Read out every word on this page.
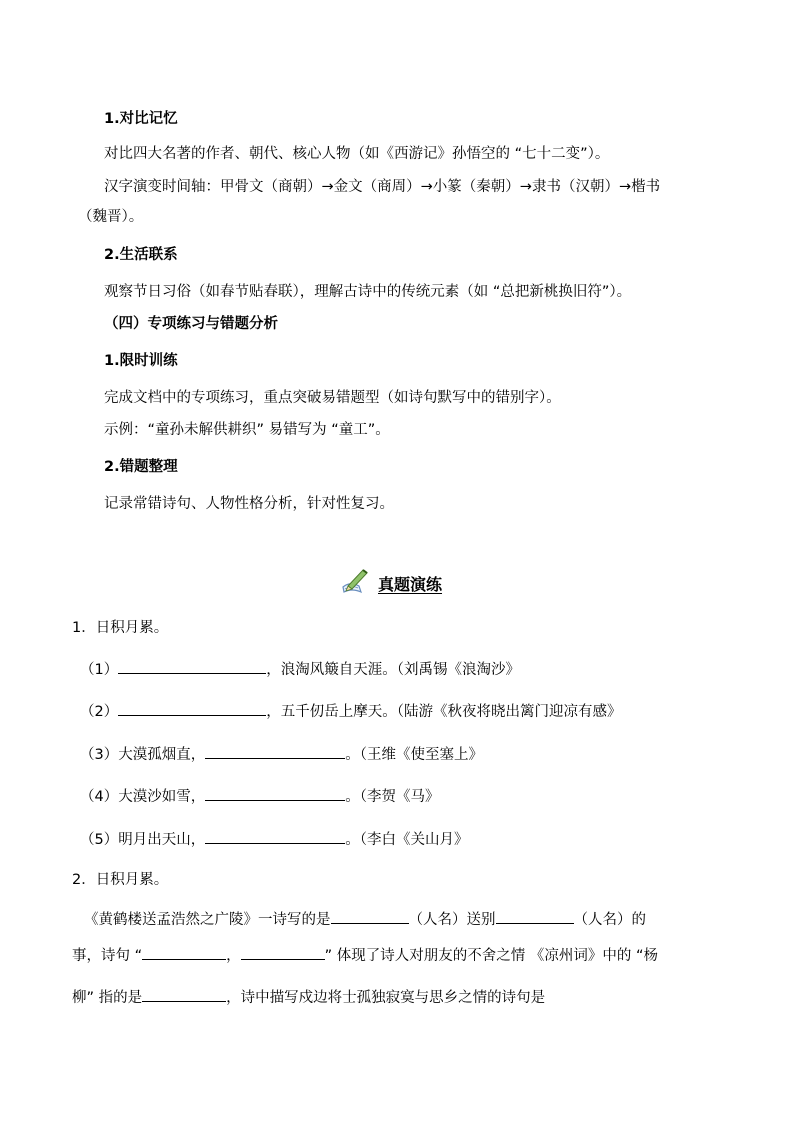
1.对比记忆
对比四大名著的作者、朝代、核心人物（如《西游记》孙悟空的 “七十二变”）。
汉字演变时间轴：甲骨文（商朝）→金文（商周）→小篆（秦朝）→隶书（汉朝）→楷书
（魏晋）。
2.生活联系
观察节日习俗（如春节贴春联），理解古诗中的传统元素（如 “总把新桃换旧符”）。
（四）专项练习与错题分析
1.限时训练
完成文档中的专项练习，重点突破易错题型（如诗句默写中的错别字）。
示例：“童孙未解供耕织” 易错写为 “童工”。
2.错题整理
记录常错诗句、人物性格分析，针对性复习。
真题演练
1．日积月累。
（1）	，浪淘风簸自天涯。（刘禹锡《浪淘沙》
（2）	，五千仞岳上摩天。（陆游《秋夜将晓出篱门迎凉有感》
（3）大漠孤烟直，	。（王维《使至塞上》
（4）大漠沙如雪，	。（李贺《马》
（5）明月出天山，	。（李白《关山月》
2．日积月累。
《黄鹤楼送孟浩然之广陵》一诗写的是	（人名）送别	（人名）的
事，诗句 “	，	” 体现了诗人对朋友的不舍之情 《凉州词》中的 “杨
柳” 指的是	，诗中描写戍边将士孤独寂寞与思乡之情的诗句是
